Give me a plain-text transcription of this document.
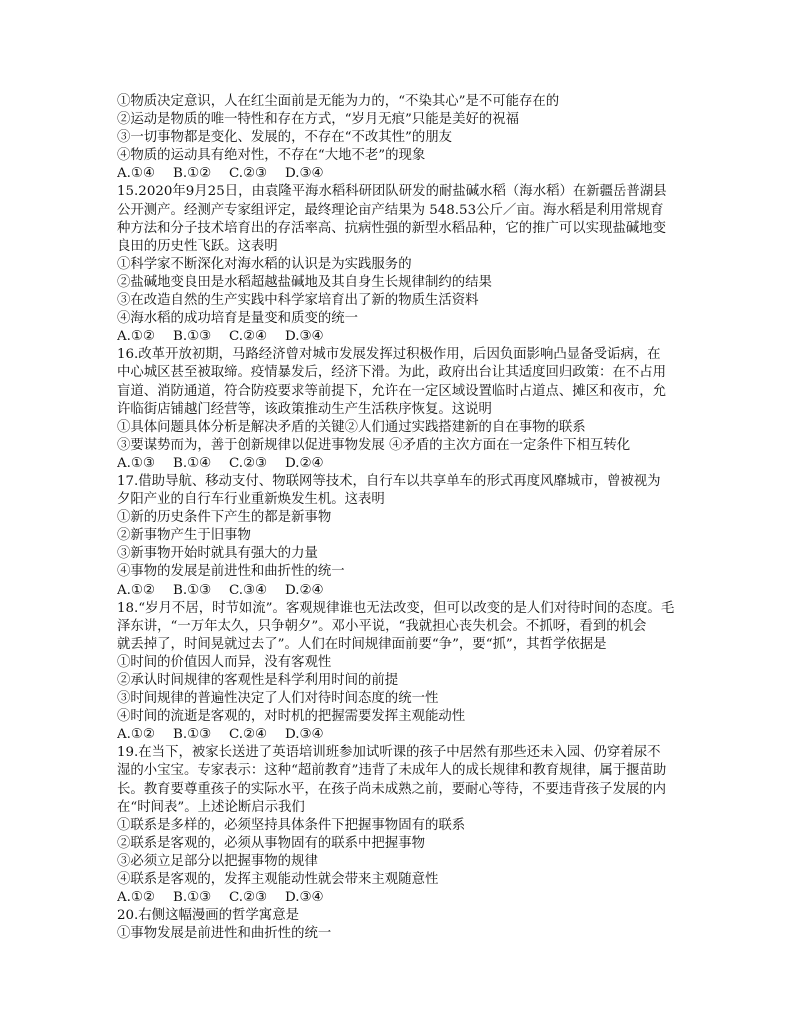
①物质决定意识，人在红尘面前是无能为力的，“不染其心”是不可能存在的
②运动是物质的唯一特性和存在方式，“岁月无痕”只能是美好的祝福
③一切事物都是变化、发展的，不存在“不改其性”的朋友
④物质的运动具有绝对性，不存在“大地不老”的现象
A.①④	B.①②	C.②③	D.③④
15.2020年9月25日，由袁隆平海水稻科研团队研发的耐盐碱水稻（海水稻）在新疆岳普湖县
公开测产。经测产专家组评定，最终理论亩产结果为 548.53公斤／亩。海水稻是利用常规育
种方法和分子技术培育出的存活率高、抗病性强的新型水稻品种，它的推广可以实现盐碱地变
良田的历史性飞跃。这表明
①科学家不断深化对海水稻的认识是为实践服务的
②盐碱地变良田是水稻超越盐碱地及其自身生长规律制约的结果
③在改造自然的生产实践中科学家培育出了新的物质生活资料
④海水稻的成功培育是量变和质变的统一
A.①②	B.①③	C.②④	D.③④
16.改革开放初期，马路经济曾对城市发展发挥过积极作用，后因负面影响凸显备受诟病，在
中心城区甚至被取缔。疫情暴发后，经济下滑。为此，政府出台让其适度回归政策：在不占用
盲道、消防通道，符合防疫要求等前提下，允许在一定区域设置临时占道点、摊区和夜市，允
许临街店铺越门经营等，该政策推动生产生活秩序恢复。这说明
①具体问题具体分析是解决矛盾的关键②人们通过实践搭建新的自在事物的联系
③要谋势而为，善于创新规律以促进事物发展 ④矛盾的主次方面在一定条件下相互转化
A.①③	B.①④	C.②③	D.②④
17.借助导航、移动支付、物联网等技术，自行车以共享单车的形式再度风靡城市，曾被视为
夕阳产业的自行车行业重新焕发生机。这表明
①新的历史条件下产生的都是新事物
②新事物产生于旧事物
③新事物开始时就具有强大的力量
④事物的发展是前进性和曲折性的统一
A.①②	B.①③	C.③④	D.②④
18.“岁月不居，时节如流”。客观规律谁也无法改变，但可以改变的是人们对待时间的态度。毛
泽东讲，“一万年太久，只争朝夕”。邓小平说，“我就担心丧失机会。不抓呀，看到的机会
就丢掉了，时间晃就过去了”。人们在时间规律面前要“争”，要“抓”，其哲学依据是
①时间的价值因人而异，没有客观性
②承认时间规律的客观性是科学利用时间的前提
③时间规律的普遍性决定了人们对待时间态度的统一性
④时间的流逝是客观的，对时机的把握需要发挥主观能动性
A.①②	B.①③	C.②④	D.③④
19.在当下，被家长送进了英语培训班参加试听课的孩子中居然有那些还未入园、仍穿着尿不
湿的小宝宝。专家表示：这种“超前教育”违背了未成年人的成长规律和教育规律，属于揠苗助
长。教育要尊重孩子的实际水平，在孩子尚未成熟之前，要耐心等待，不要违背孩子发展的内
在“时间表”。上述论断启示我们
①联系是多样的，必须坚持具体条件下把握事物固有的联系
②联系是客观的，必须从事物固有的联系中把握事物
③必须立足部分以把握事物的规律
④联系是客观的，发挥主观能动性就会带来主观随意性
A.①②	B.①③	C.②③	D.③④
20.右侧这幅漫画的哲学寓意是
①事物发展是前进性和曲折性的统一
